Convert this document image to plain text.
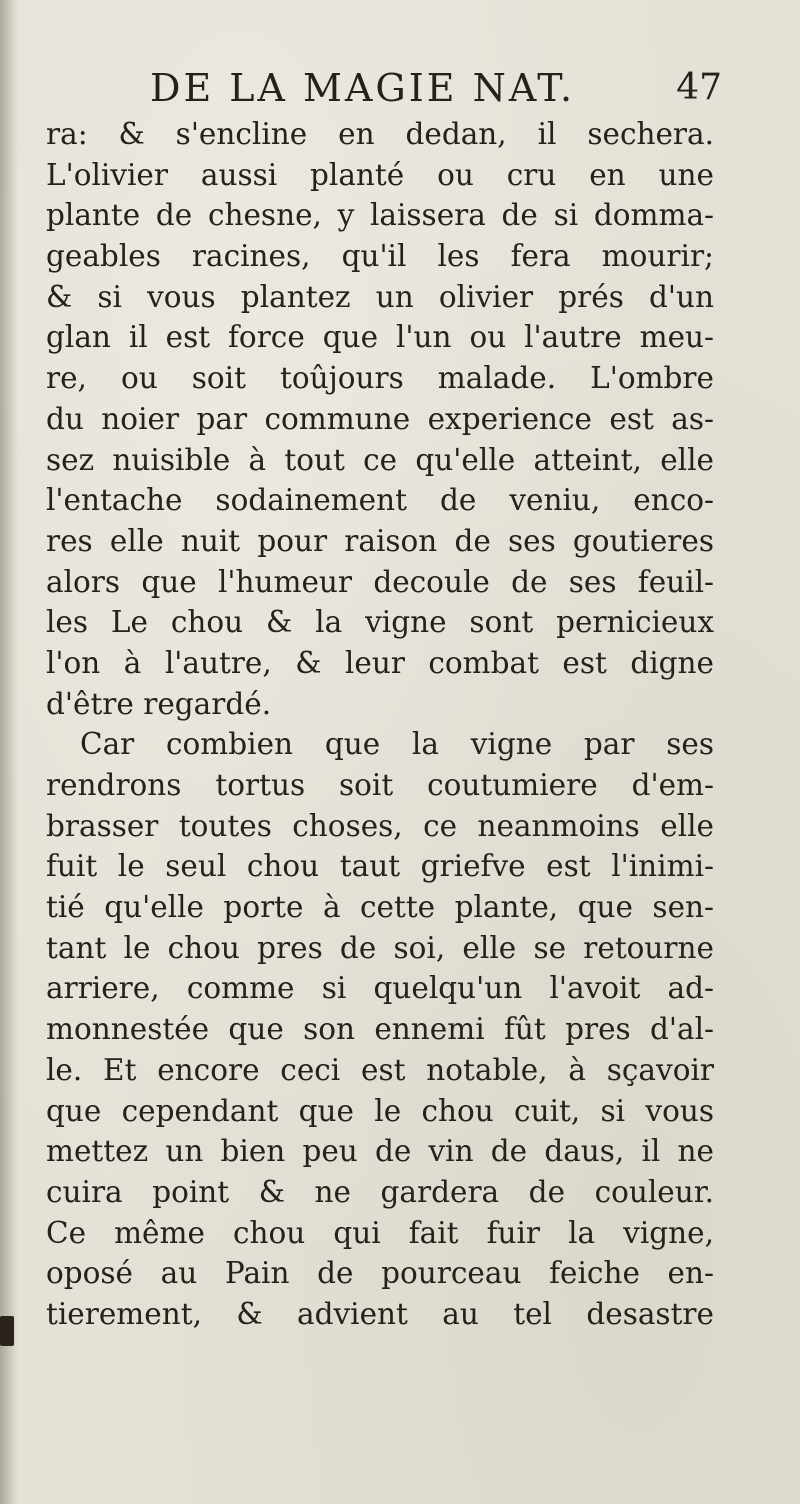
DE LA MAGIE NAT.	47
ra: & s'encline en dedan, il sechera.
L'olivier aussi planté ou cru en une
plante de chesne, y laissera de si domma-
geables racines, qu'il les fera mourir;
& si vous plantez un olivier prés d'un
glan il est force que l'un ou l'autre meu-
re, ou soit toûjours malade. L'ombre
du noier par commune experience est as-
sez nuisible à tout ce qu'elle atteint, elle
l'entache sodainement de veniu, enco-
res elle nuit pour raison de ses goutieres
alors que l'humeur decoule de ses feuil-
les Le chou & la vigne sont pernicieux
l'on à l'autre, & leur combat est digne
d'être regardé.
Car combien que la vigne par ses
rendrons tortus soit coutumiere d'em-
brasser toutes choses, ce neanmoins elle
fuit le seul chou taut griefve est l'inimi-
tié qu'elle porte à cette plante, que sen-
tant le chou pres de soi, elle se retourne
arriere, comme si quelqu'un l'avoit ad-
monnestée que son ennemi fût pres d'al-
le. Et encore ceci est notable, à sçavoir
que cependant que le chou cuit, si vous
mettez un bien peu de vin de daus, il ne
cuira point & ne gardera de couleur.
Ce même chou qui fait fuir la vigne,
oposé au Pain de pourceau feiche en-
tierement, & advient au tel desastre
